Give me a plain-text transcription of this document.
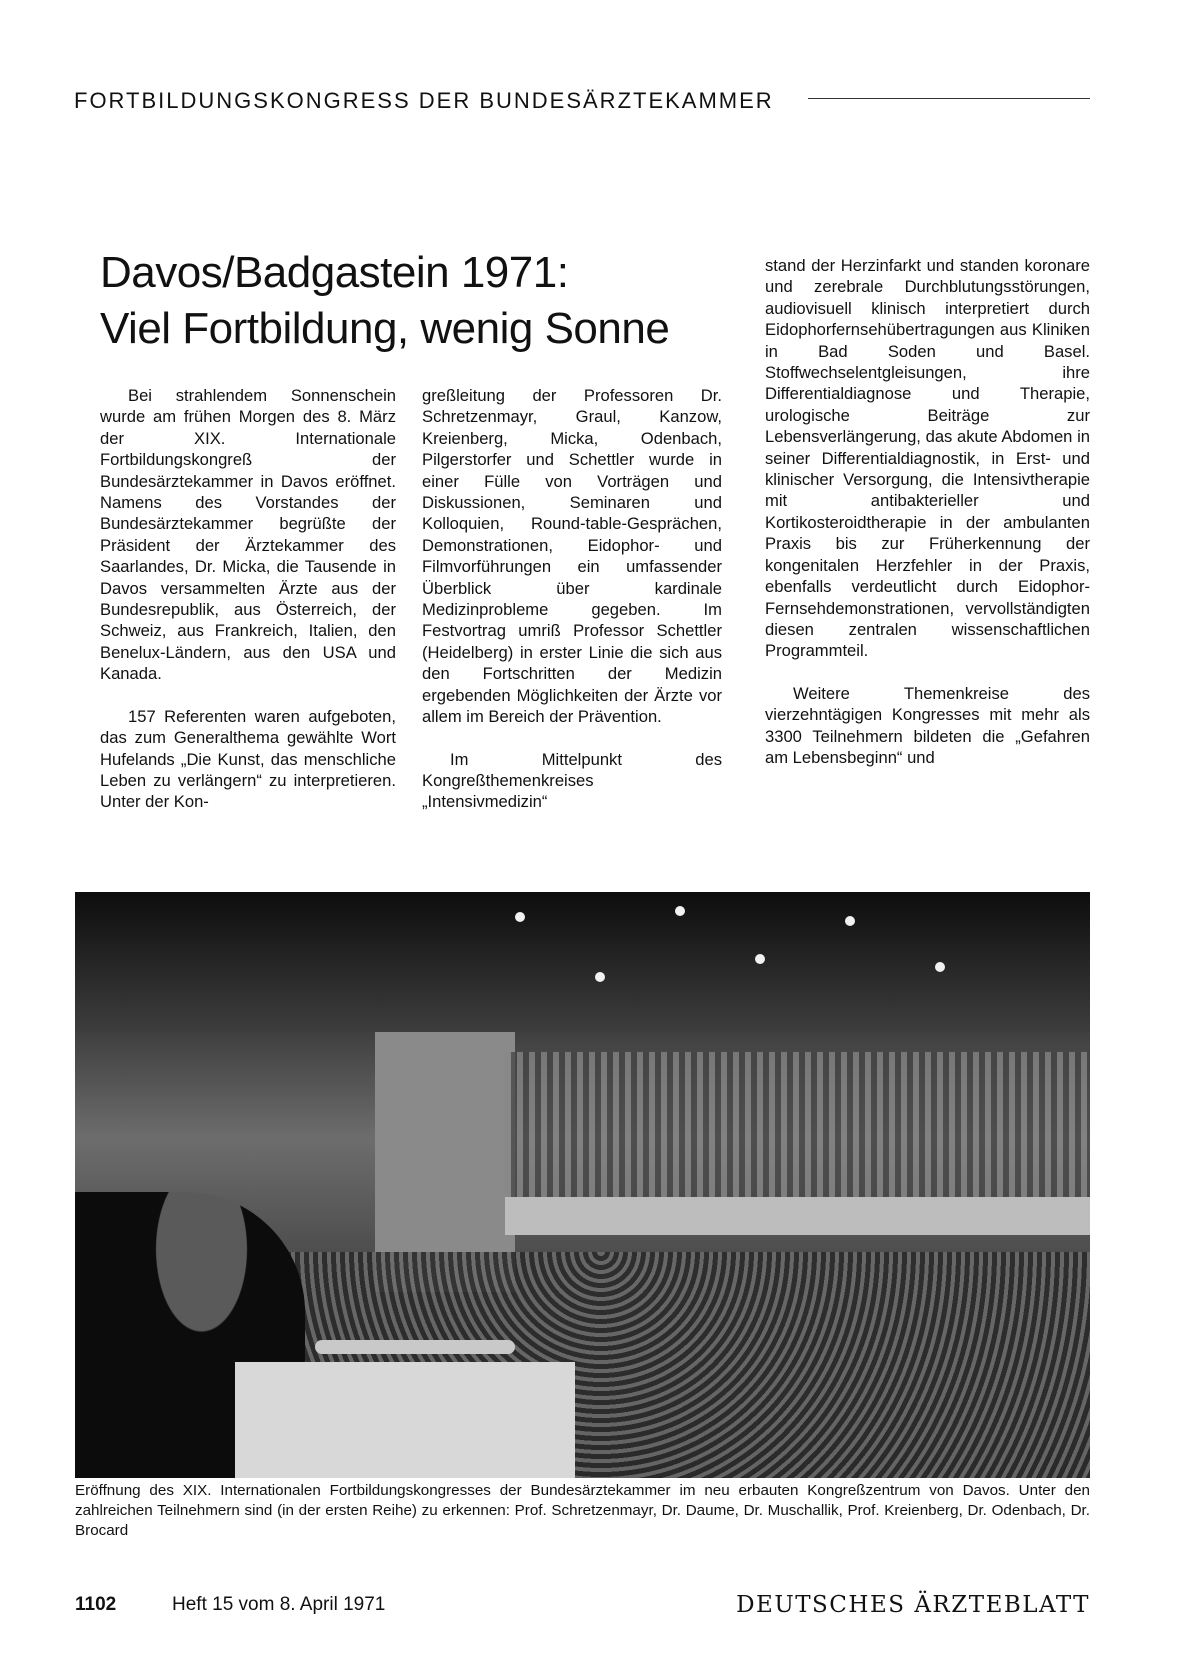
FORTBILDUNGSKONGRESS DER BUNDESÄRZTEKAMMER
Davos/Badgastein 1971:
Viel Fortbildung, wenig Sonne

Bei strahlendem Sonnenschein wurde am frühen Morgen des 8. März der XIX. Internationale Fortbildungskongreß der Bundesärztekammer in Davos eröffnet. Namens des Vorstandes der Bundesärztekammer begrüßte der Präsident der Ärztekammer des Saarlandes, Dr. Micka, die Tausende in Davos versammelten Ärzte aus der Bundesrepublik, aus Österreich, der Schweiz, aus Frankreich, Italien, den Benelux-Ländern, aus den USA und Kanada.

157 Referenten waren aufgeboten, das zum Generalthema gewählte Wort Hufelands „Die Kunst, das menschliche Leben zu verlängern“ zu interpretieren. Unter der Kon-

greßleitung der Professoren Dr. Schretzenmayr, Graul, Kanzow, Kreienberg, Micka, Odenbach, Pilgerstorfer und Schettler wurde in einer Fülle von Vorträgen und Diskussionen, Seminaren und Kolloquien, Round-table-Gesprächen, Demonstrationen, Eidophor- und Filmvorführungen ein umfassender Überblick über kardinale Medizinprobleme gegeben. Im Festvortrag umriß Professor Schettler (Heidelberg) in erster Linie die sich aus den Fortschritten der Medizin ergebenden Möglichkeiten der Ärzte vor allem im Bereich der Prävention.

Im Mittelpunkt des Kongreßthemenkreises „Intensivmedizin“

stand der Herzinfarkt und standen koronare und zerebrale Durchblutungsstörungen, audiovisuell klinisch interpretiert durch Eidophorfernsehübertragungen aus Kliniken in Bad Soden und Basel. Stoffwechselentgleisungen, ihre Differentialdiagnose und Therapie, urologische Beiträge zur Lebensverlängerung, das akute Abdomen in seiner Differentialdiagnostik, in Erst- und klinischer Versorgung, die Intensivtherapie mit antibakterieller und Kortikosteroidtherapie in der ambulanten Praxis bis zur Früherkennung der kongenitalen Herzfehler in der Praxis, ebenfalls verdeutlicht durch Eidophor-Fernsehdemonstrationen, vervollständigten diesen zentralen wissenschaftlichen Programmteil.

Weitere Themenkreise des vierzehntägigen Kongresses mit mehr als 3300 Teilnehmern bildeten die „Gefahren am Lebensbeginn“ und

Eröffnung des XIX. Internationalen Fortbildungskongresses der Bundesärztekammer im neu erbauten Kongreßzentrum von Davos. Unter den zahlreichen Teilnehmern sind (in der ersten Reihe) zu erkennen: Prof. Schretzenmayr, Dr. Daume, Dr. Muschallik, Prof. Kreienberg, Dr. Odenbach, Dr. Brocard
1102	Heft 15 vom 8. April 1971	DEUTSCHES ÄRZTEBLATT
